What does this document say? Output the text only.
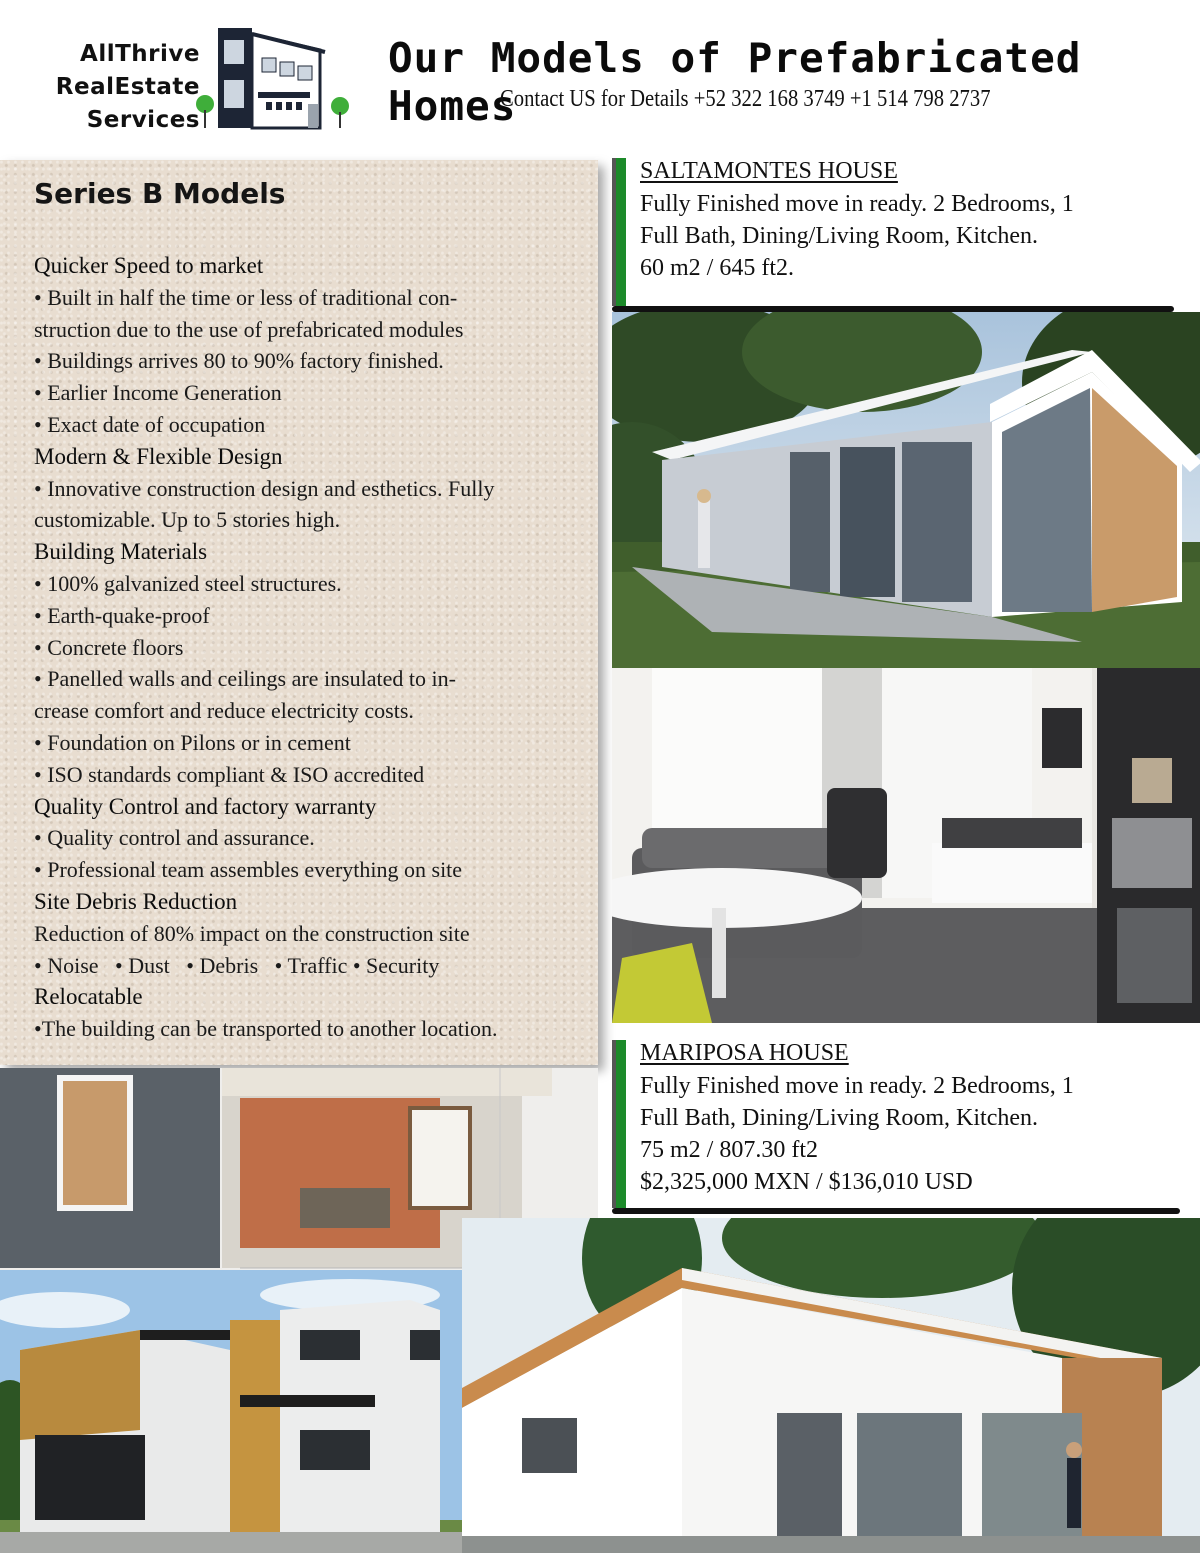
AllThrive
RealEstate
Services
Our Models of Prefabricated Homes
Contact US for Details +52 322 168 3749 +1 514 798 2737
Series B Models
Quicker Speed to market
• Built in half the time or less of traditional con-
struction due to the use of prefabricated modules
• Buildings arrives 80 to 90% factory finished.
• Earlier Income Generation
• Exact date of occupation
Modern & Flexible Design
• Innovative construction design and esthetics. Fully
customizable. Up to 5 stories high.
Building Materials
• 100% galvanized steel structures.
• Earth-quake-proof
• Concrete floors
• Panelled walls and ceilings are insulated to in-
crease comfort and reduce electricity costs.
• Foundation on Pilons or in cement
• ISO standards compliant & ISO accredited
Quality Control and factory warranty
• Quality control and assurance.
• Professional team assembles everything on site
Site Debris Reduction
Reduction of 80% impact on the construction site
• Noise   • Dust   • Debris   • Traffic • Security
Relocatable
•The building can be transported to another location.
SALTAMONTES HOUSE
Fully Finished move in ready. 2 Bedrooms, 1
Full Bath, Dining/Living Room, Kitchen.
60 m2 / 645 ft2.
MARIPOSA HOUSE
Fully Finished move in ready. 2 Bedrooms, 1
Full Bath, Dining/Living Room, Kitchen.
75 m2 / 807.30 ft2
$2,325,000 MXN / $136,010 USD
